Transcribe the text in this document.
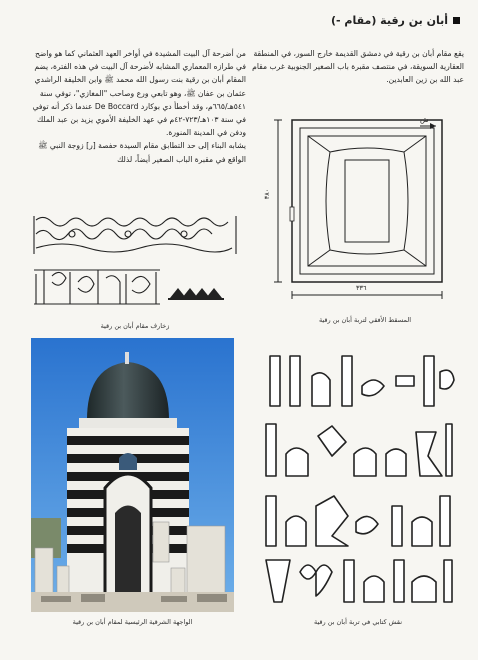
أبان بن رقية (مقام -)

يقع مقام أبان بن رقية في دمشق القديمة خارج السور، في المنطقة العقارية السويقة، في منتصف مقبرة باب الصغير الجنوبية غرب مقام عبد الله بن زين العابدين.

من أضرحة آل البيت المشيدة في أواخر العهد العثماني كما هو واضح في طرازه المعماري المشابه لأضرحة آل البيت في هذه الفترة، يضم المقام أبان بن رقية بنت رسول الله محمد ﷺ وابن الخليفة الراشدي عثمان بن عفان ﷺ، وهو تابعي ورع وصاحب "المغازي"، توفي سنة ٥٤١هـ/٦٦٥م، وقد أخطأ دي بوكارد De Boccard عندما ذكر أنه توفي في سنة ١٠٣هـ/٧٢٣-٤٢م في عهد الخليفة الأموي يزيد بن عبد الملك ودفن في المدينة المنورة.

يشابه البناء إلى حد التطابق مقام السيدة حفصة [ر] زوجة النبي ﷺ الواقع في مقبرة الباب الصغير أيضاً، لذلك

ش
٣٨٠
٣٣٦
المسقط الأفقي لتربة أبان بن رقية
زخارف مقام أبان بن رقية
الواجهة الشرقية الرئيسية لمقام أبان بن رقية	نقش كتابي في تربة أبان بن رقية
